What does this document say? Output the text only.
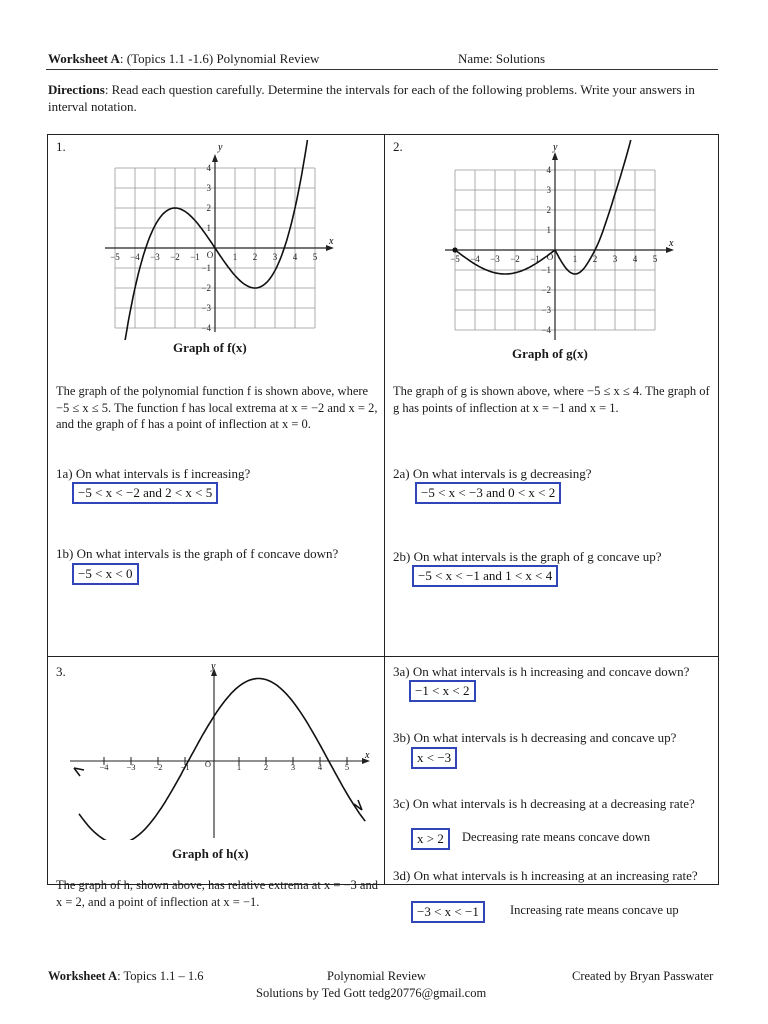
Worksheet A: (Topics 1.1 -1.6) Polynomial Review	Name: Solutions
Directions: Read each question carefully. Determine the intervals for each of the following problems. Write your answers in interval notation.
1.	y
x
−5 −4 −3 −2 −1 O 1 2 3 4 5
4
3
2
1
−1
−2
−3
−4
Graph of f(x)
The graph of the polynomial function f is shown above, where −5 ≤ x ≤ 5. The function f has local extrema at x = −2 and x = 2, and the graph of f has a point of inflection at x = 0.
1a) On what intervals is f increasing?
−5 < x < −2 and 2 < x < 5
1b) On what intervals is the graph of f concave down?
−5 < x < 0
2.	y
x
−5 −4 −3 −2 −1 O 1 2 3 4 5
4
3
2
1
−1
−2
−3
−4
Graph of g(x)
The graph of g is shown above, where −5 ≤ x ≤ 4. The graph of g has points of inflection at x = −1 and x = 1.
2a) On what intervals is g decreasing?
−5 < x < −3 and 0 < x < 2
2b) On what intervals is the graph of g concave up?
−5 < x < −1 and 1 < x < 4
3.	y
x
−4 −3 −2 −1 O	1	2	3	4	5
Graph of h(x)
The graph of h, shown above, has relative extrema at x = −3 and x = 2, and a point of inflection at x = −1.
3a) On what intervals is h increasing and concave down?
−1 < x < 2
3b) On what intervals is h decreasing and concave up?
x < −3
3c) On what intervals is h decreasing at a decreasing rate?
x > 2	Decreasing rate means concave down
3d) On what intervals is h increasing at an increasing rate?
−3 < x < −1	Increasing rate means concave up
Worksheet A: Topics 1.1 – 1.6	Polynomial Review	Created by Bryan Passwater
Solutions by Ted Gott tedg20776@gmail.com
